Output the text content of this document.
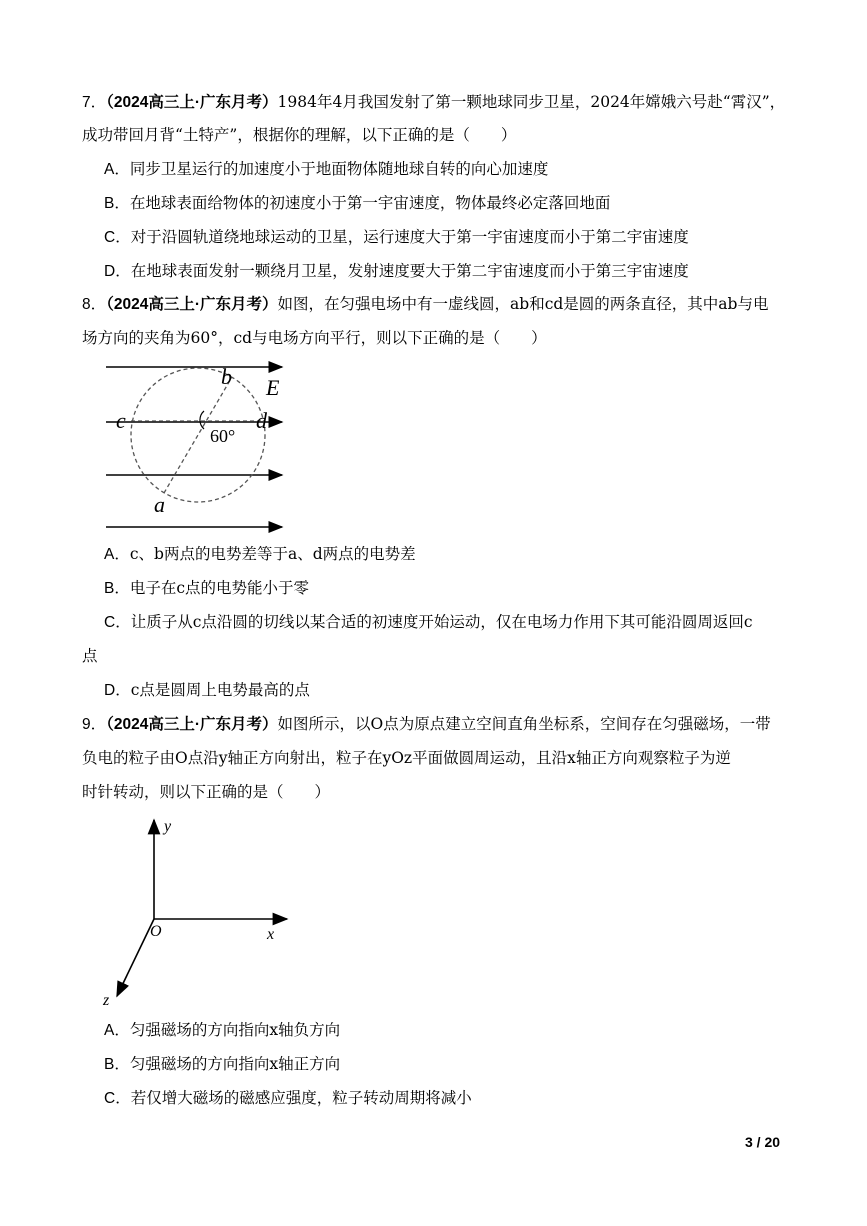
7．（2024高三上·广东月考）1984年4月我国发射了第一颗地球同步卫星，2024年嫦娥六号赴“霄汉”，
成功带回月背“土特产”，根据你的理解，以下正确的是（　　）
A．同步卫星运行的加速度小于地面物体随地球自转的向心加速度
B．在地球表面给物体的初速度小于第一宇宙速度，物体最终必定落回地面
C．对于沿圆轨道绕地球运动的卫星，运行速度大于第一宇宙速度而小于第二宇宙速度
D．在地球表面发射一颗绕月卫星，发射速度要大于第二宇宙速度而小于第三宇宙速度
8．（2024高三上·广东月考）如图，在匀强电场中有一虚线圆，ab和cd是圆的两条直径，其中ab与电
场方向的夹角为60°，cd与电场方向平行，则以下正确的是（　　）
b E
c	d
a
60°
A．c、b两点的电势差等于a、d两点的电势差
B．电子在c点的电势能小于零
C．让质子从c点沿圆的切线以某合适的初速度开始运动，仅在电场力作用下其可能沿圆周返回c
点
D．c点是圆周上电势最高的点
9．（2024高三上·广东月考）如图所示，以O点为原点建立空间直角坐标系，空间存在匀强磁场，一带
负电的粒子由O点沿y轴正方向射出，粒子在yOz平面做圆周运动，且沿x轴正方向观察粒子为逆
时针转动，则以下正确的是（　　）
y
O	x
z
A．匀强磁场的方向指向x轴负方向
B．匀强磁场的方向指向x轴正方向
C．若仅增大磁场的磁感应强度，粒子转动周期将减小
3 / 20
